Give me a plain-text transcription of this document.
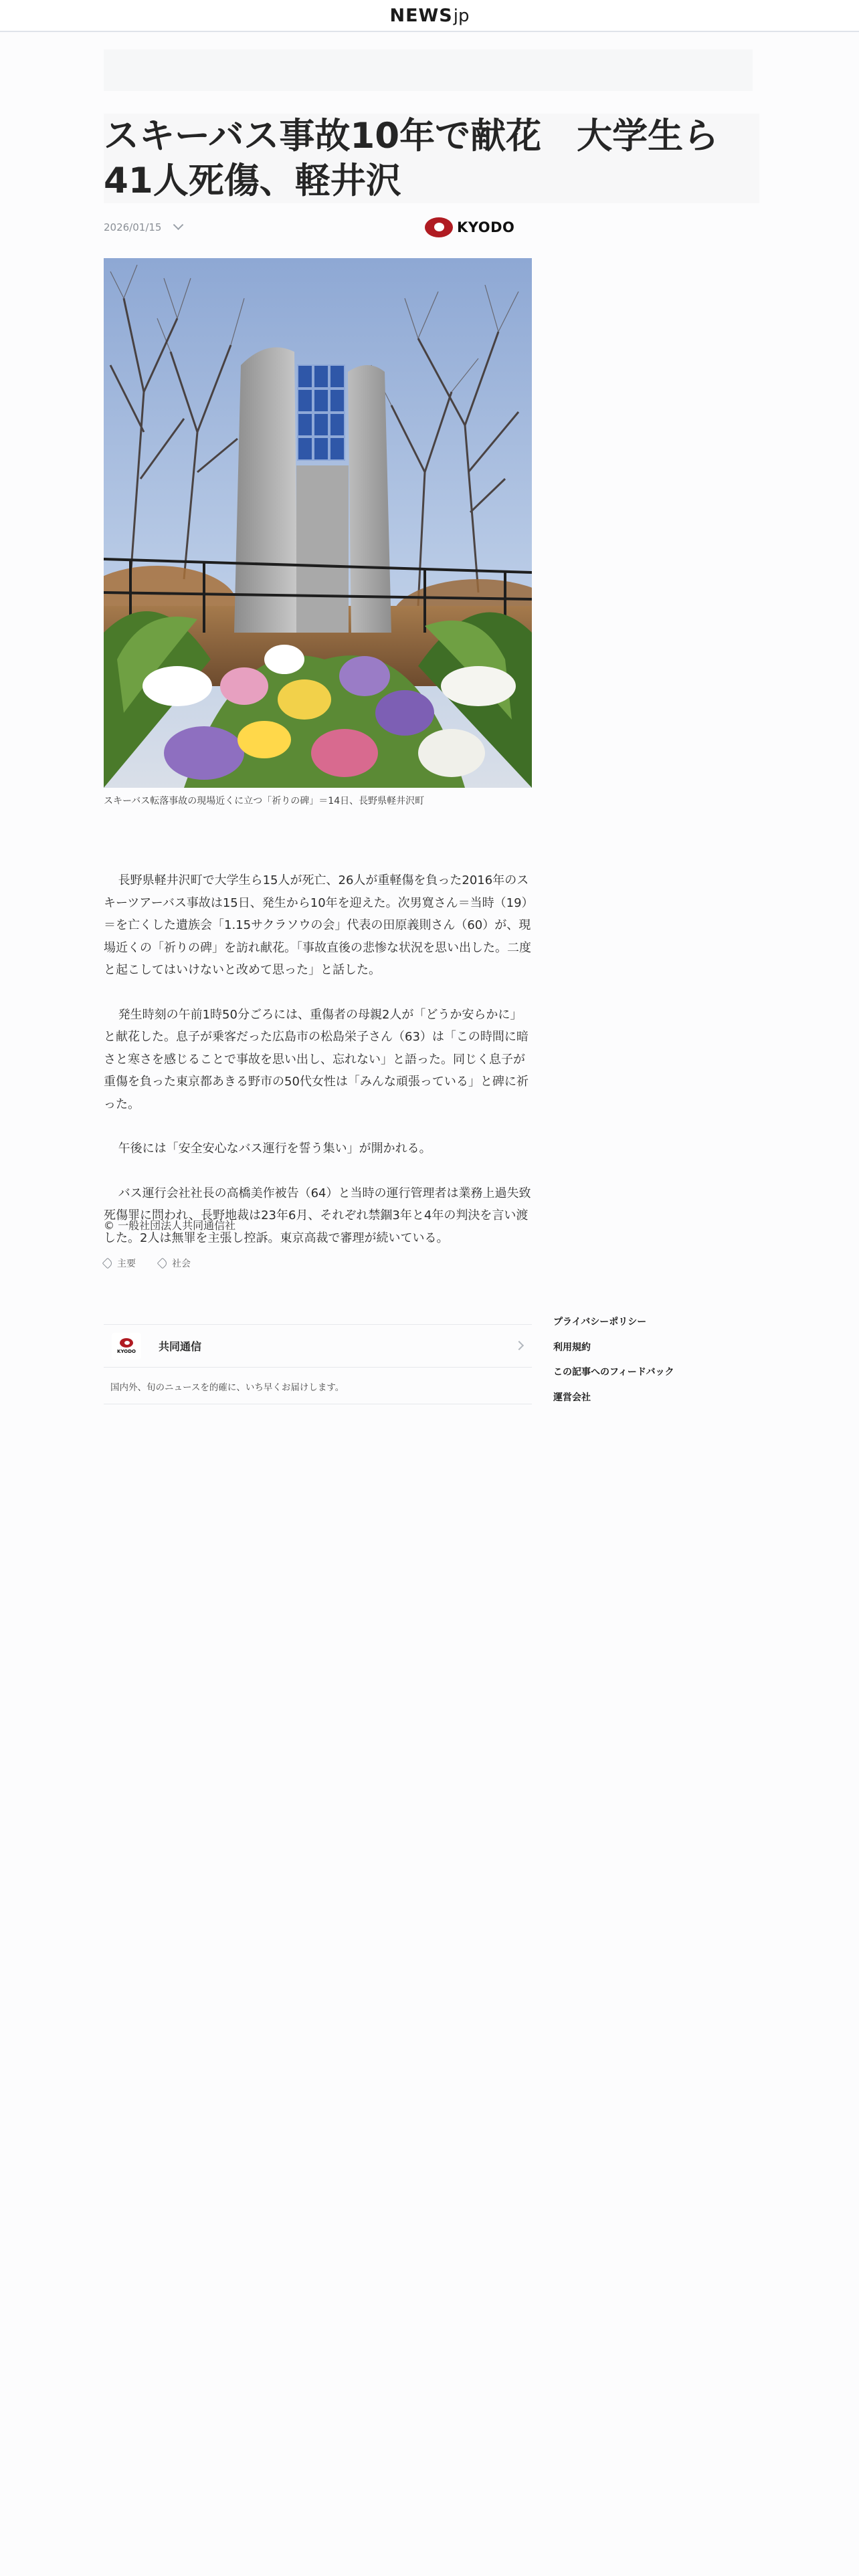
NEWS jp
スキーバス事故10年で献花　大学生ら41人死傷、軽井沢
2026/01/15	KYODO
スキーバス転落事故の現場近くに立つ「祈りの碑」＝14日、長野県軽井沢町

長野県軽井沢町で大学生ら15人が死亡、26人が重軽傷を負った2016年のスキーツアーバス事故は15日、発生から10年を迎えた。次男寛さん＝当時（19）＝を亡くした遺族会「1.15サクラソウの会」代表の田原義則さん（60）が、現場近くの「祈りの碑」を訪れ献花。「事故直後の悲惨な状況を思い出した。二度と起こしてはいけないと改めて思った」と話した。

発生時刻の午前1時50分ごろには、重傷者の母親2人が「どうか安らかに」と献花した。息子が乗客だった広島市の松島栄子さん（63）は「この時間に暗さと寒さを感じることで事故を思い出し、忘れない」と語った。同じく息子が重傷を負った東京都あきる野市の50代女性は「みんな頑張っている」と碑に祈った。

午後には「安全安心なバス運行を誓う集い」が開かれる。

バス運行会社社長の高橋美作被告（64）と当時の運行管理者は業務上過失致死傷罪に問われ、長野地裁は23年6月、それぞれ禁錮3年と4年の判決を言い渡した。2人は無罪を主張し控訴。東京高裁で審理が続いている。

© 一般社団法人共同通信社
主要	社会
KYODO 共同通信
国内外、旬のニュースを的確に、いち早くお届けします。
プライバシーポリシー
利用規約
この記事へのフィードバック
運営会社
